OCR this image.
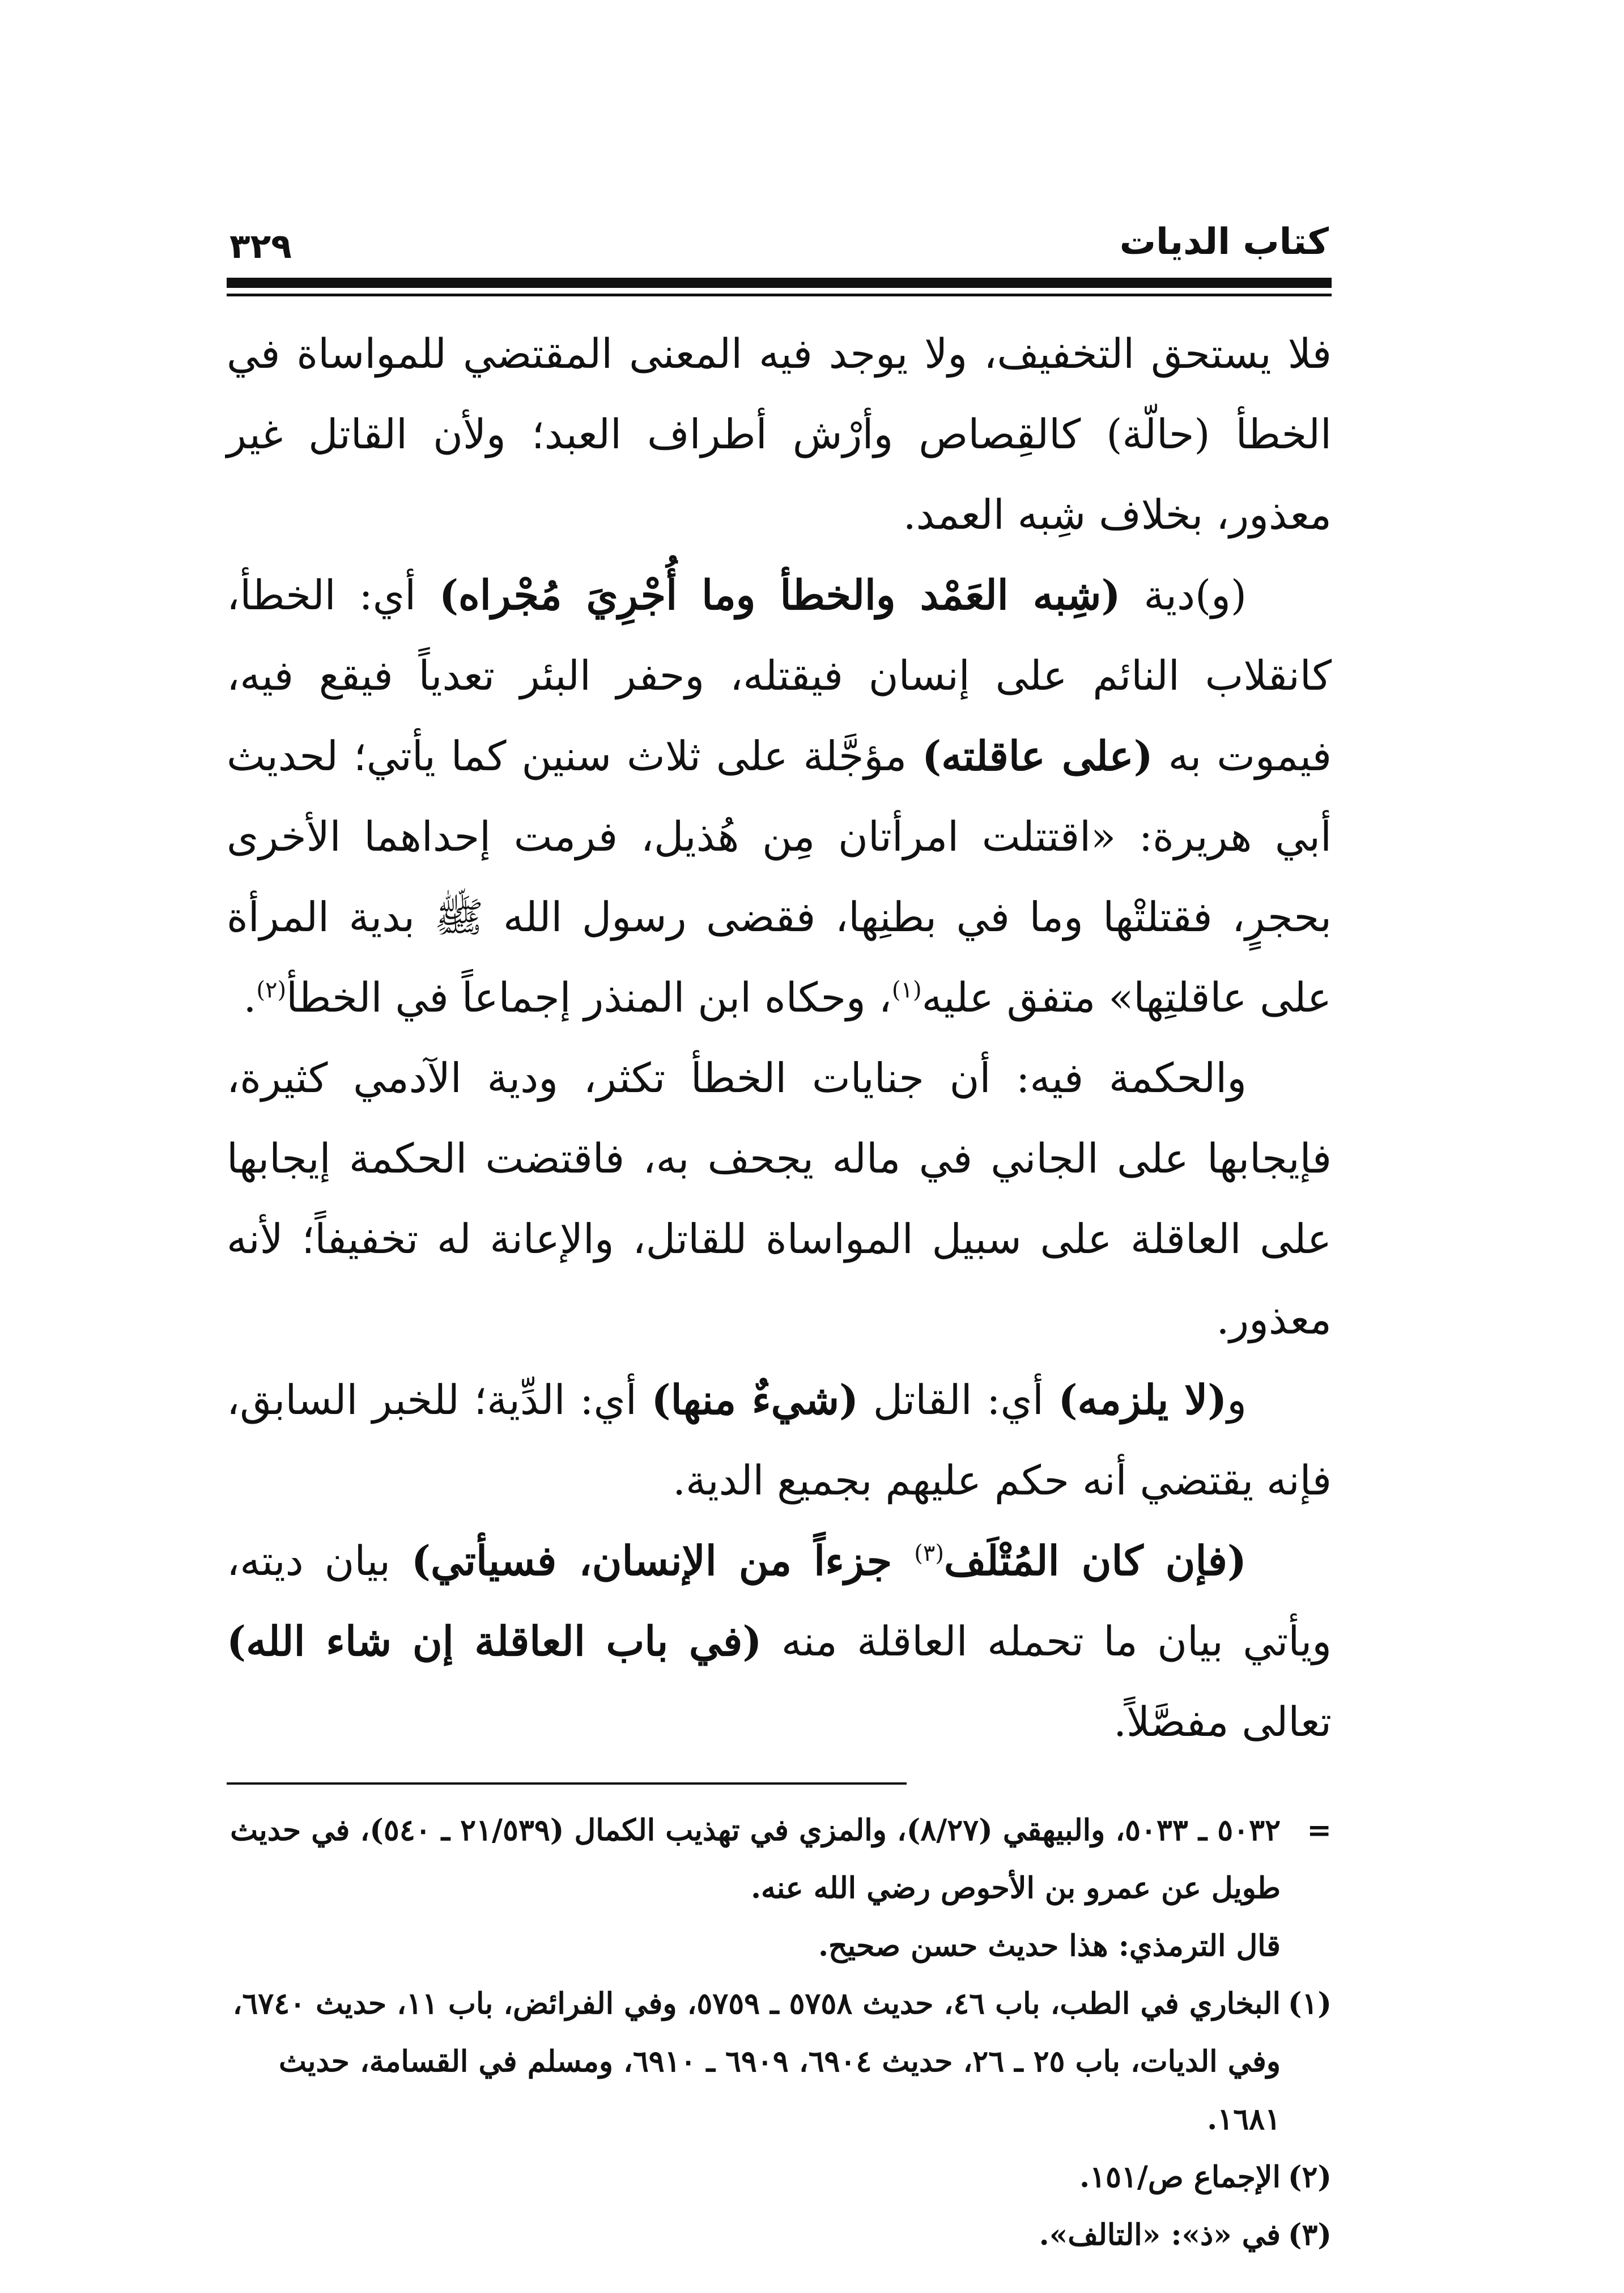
كتاب الديات
٣٢٩

فلا يستحق التخفيف، ولا يوجد فيه المعنى المقتضي للمواساة في الخطأ (حالّة) كالقِصاص وأرْش أطراف العبد؛ ولأن القاتل غير معذور، بخلاف شِبه العمد.

(و)دية (شِبه العَمْد والخطأ وما أُجْرِيَ مُجْراه) أي: الخطأ، كانقلاب النائم على إنسان فيقتله، وحفر البئر تعدياً فيقع فيه، فيموت به (على عاقلته) مؤجَّلة على ثلاث سنين كما يأتي؛ لحديث أبي هريرة: «اقتتلت امرأتان مِن هُذيل، فرمت إحداهما الأخرى بحجرٍ، فقتلتْها وما في بطنِها، فقضى رسول الله ﷺ بدية المرأة على عاقلتِها» متفق عليه$^{(١)}$، وحكاه ابن المنذر إجماعاً في الخطأ$^{(٢)}$.

والحكمة فيه: أن جنايات الخطأ تكثر، ودية الآدمي كثيرة، فإيجابها على الجاني في ماله يجحف به، فاقتضت الحكمة إيجابها على العاقلة على سبيل المواساة للقاتل، والإعانة له تخفيفاً؛ لأنه معذور.

و(لا يلزمه) أي: القاتل (شيءٌ منها) أي: الدِّية؛ للخبر السابق، فإنه يقتضي أنه حكم عليهم بجميع الدية.

(فإن كان المُتْلَف$^{(٣)}$ جزءاً من الإنسان، فسيأتي) بيان ديته، ويأتي بيان ما تحمله العاقلة منه (في باب العاقلة إن شاء الله) تعالى مفصَّلاً.

=
٥٠٣٢ ـ ٥٠٣٣، والبيهقي (٨/٢٧)، والمزي في تهذيب الكمال (٢١/٥٣٩ ـ ٥٤٠)، في حديث طويل عن عمرو بن الأحوص رضي الله عنه.

قال الترمذي: هذا حديث حسن صحيح.

(١)
البخاري في الطب، باب ٤٦، حديث ٥٧٥٨ ـ ٥٧٥٩، وفي الفرائض، باب ١١، حديث ٦٧٤٠، وفي الديات، باب ٢٥ ـ ٢٦، حديث ٦٩٠٤، ٦٩٠٩ ـ ٦٩١٠، ومسلم في القسامة، حديث ١٦٨١.
(٢)
الإجماع ص/١٥١.
(٣)
في «ذ»: «التالف».
